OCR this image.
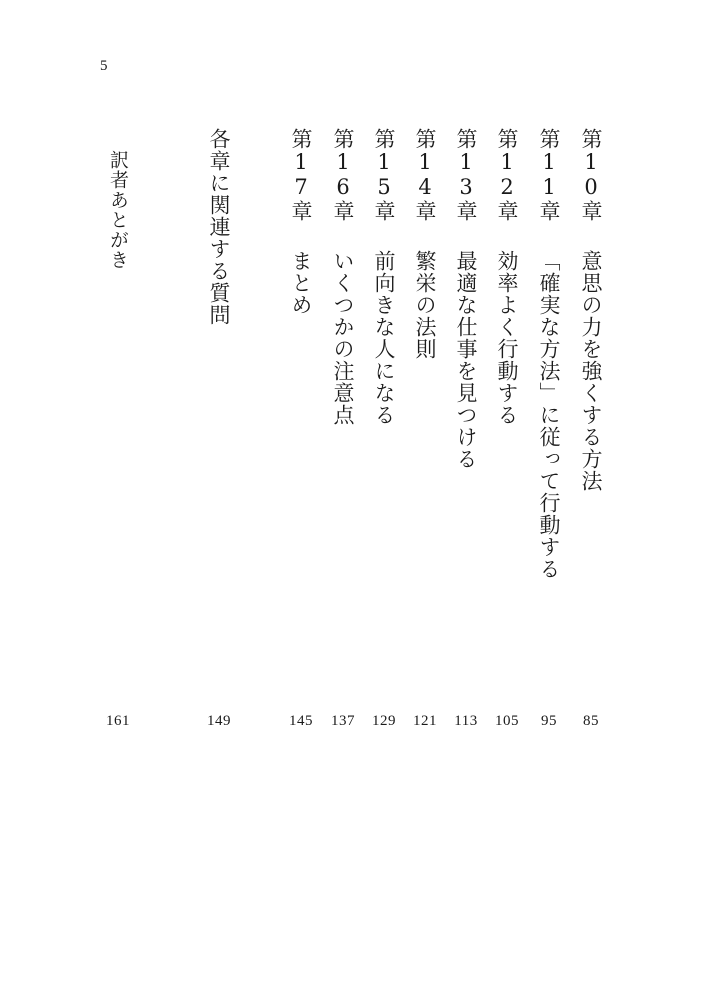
5
第10章意思の力を強くする方法
85
第11章「確実な方法」に従って行動する
95
第12章効率よく行動する
105
第13章最適な仕事を見つける
113
第14章繁栄の法則
121
第15章前向きな人になる
129
第16章いくつかの注意点
137
第17章まとめ
145
各章に関連する質問
149
訳者あとがき
161
